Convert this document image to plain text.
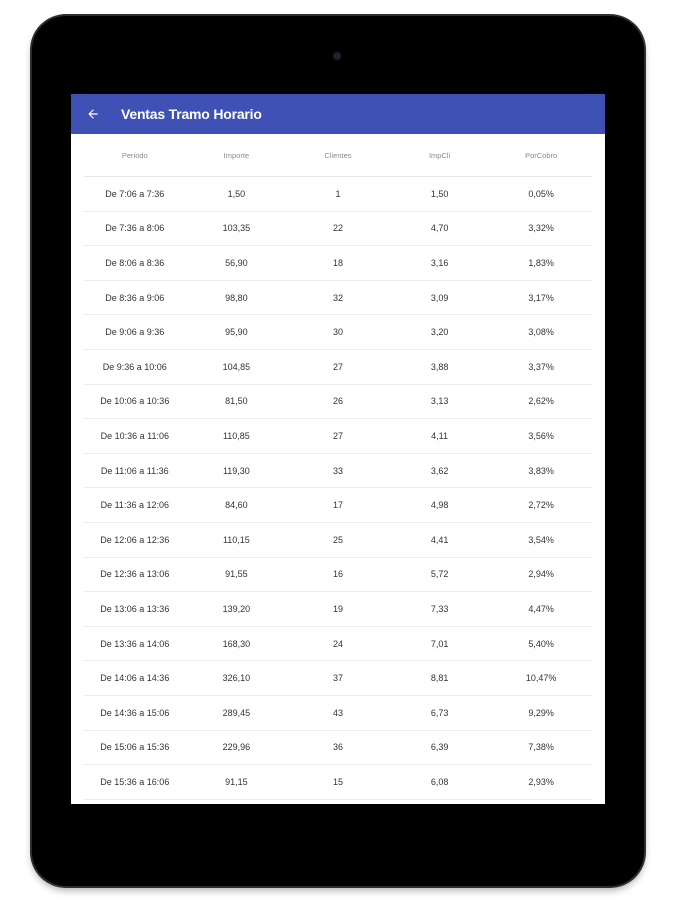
Ventas Tramo Horario
Periodo	Importe	Clientes	ImpCli	PorCobro
De 7:06 a 7:36	1,50	1	1,50	0,05%
De 7:36 a 8:06	103,35	22	4,70	3,32%
De 8:06 a 8:36	56,90	18	3,16	1,83%
De 8:36 a 9:06	98,80	32	3,09	3,17%
De 9:06 a 9:36	95,90	30	3,20	3,08%
De 9:36 a 10:06	104,85	27	3,88	3,37%
De 10:06 a 10:36	81,50	26	3,13	2,62%
De 10:36 a 11:06	110,85	27	4,11	3,56%
De 11:06 a 11:36	119,30	33	3,62	3,83%
De 11:36 a 12:06	84,60	17	4,98	2,72%
De 12:06 a 12:36	110,15	25	4,41	3,54%
De 12:36 a 13:06	91,55	16	5,72	2,94%
De 13:06 a 13:36	139,20	19	7,33	4,47%
De 13:36 a 14:06	168,30	24	7,01	5,40%
De 14:06 a 14:36	326,10	37	8,81	10,47%
De 14:36 a 15:06	289,45	43	6,73	9,29%
De 15:06 a 15:36	229,96	36	6,39	7,38%
De 15:36 a 16:06	91,15	15	6,08	2,93%
